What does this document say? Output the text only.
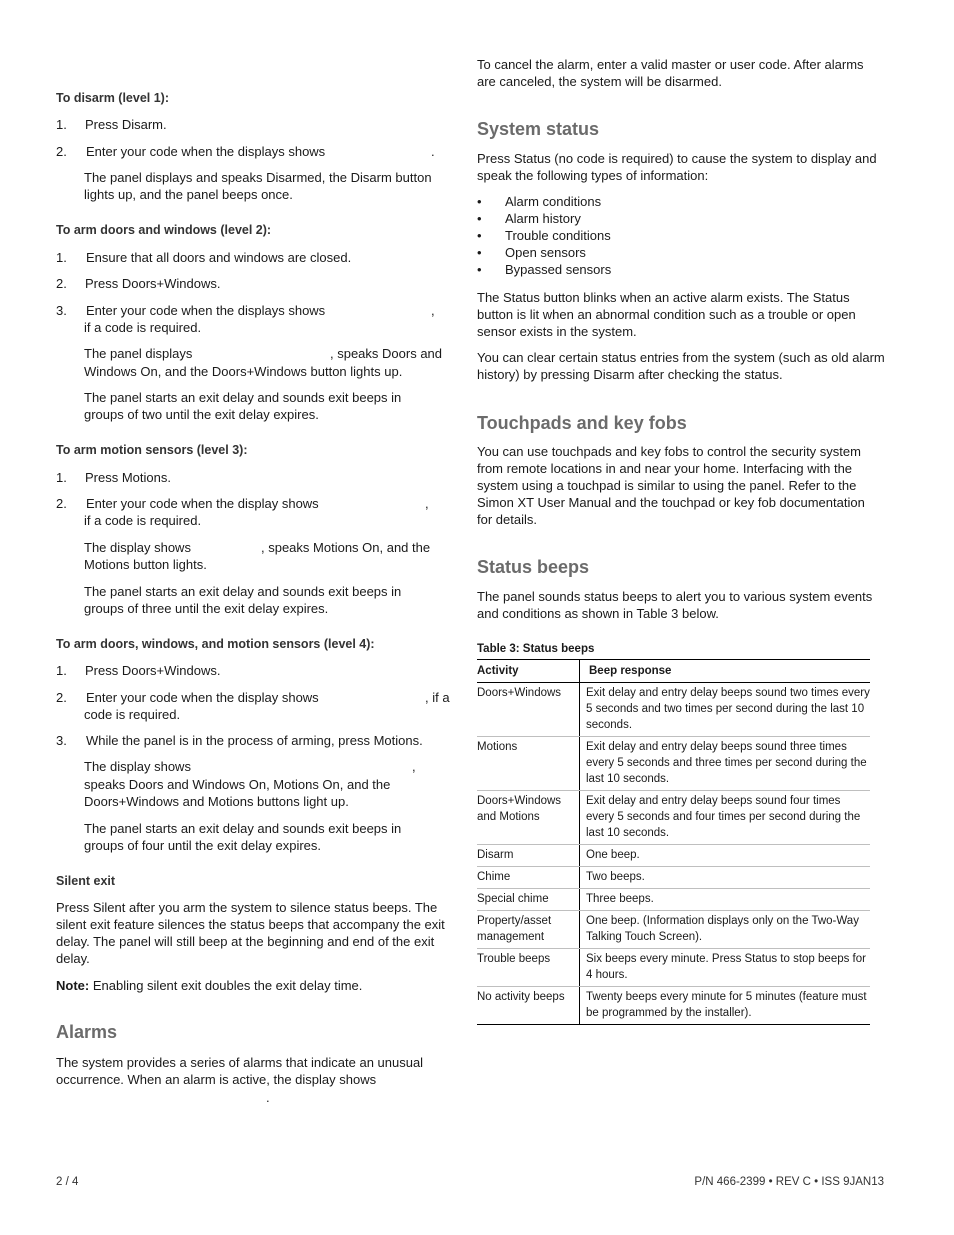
To disarm (level 1):
1.	Press Disarm.
2.	Enter your code when the displays shows	.
The panel displays and speaks Disarmed, the Disarm button lights up, and the panel beeps once.
To arm doors and windows (level 2):
1.	Ensure that all doors and windows are closed.
2.	Press Doors+Windows.
3.	Enter your code when the displays shows	,
if a code is required.
The panel displays	, speaks Doors and
Windows On, and the Doors+Windows button lights up.
The panel starts an exit delay and sounds exit beeps in groups of two until the exit delay expires.
To arm motion sensors (level 3):
1.	Press Motions.
2.	Enter your code when the display shows	,
if a code is required.
The display shows	, speaks Motions On, and the
Motions button lights.
The panel starts an exit delay and sounds exit beeps in groups of three until the exit delay expires.
To arm doors, windows, and motion sensors (level 4):
1.	Press Doors+Windows.
2.	Enter your code when the display shows	, if a
code is required.
3.	While the panel is in the process of arming, press Motions.
The display shows	,
speaks Doors and Windows On, Motions On, and the Doors+Windows and Motions buttons light up.
The panel starts an exit delay and sounds exit beeps in groups of four until the exit delay expires.
Silent exit
Press Silent after you arm the system to silence status beeps. The silent exit feature silences the status beeps that accompany the exit delay. The panel will still beep at the beginning and end of the exit delay.
Note: Enabling silent exit doubles the exit delay time.
Alarms
The system provides a series of alarms that indicate an unusual occurrence. When an alarm is active, the display shows
.
To cancel the alarm, enter a valid master or user code. After alarms are canceled, the system will be disarmed.
System status
Press Status (no code is required) to cause the system to display and speak the following types of information:
• Alarm conditions
• Alarm history
• Trouble conditions
• Open sensors
• Bypassed sensors
The Status button blinks when an active alarm exists. The Status button is lit when an abnormal condition such as a trouble or open sensor exists in the system.
You can clear certain status entries from the system (such as old alarm history) by pressing Disarm after checking the status.
Touchpads and key fobs
You can use touchpads and key fobs to control the security system from remote locations in and near your home. Interfacing with the system using a touchpad is similar to using the panel. Refer to the Simon XT User Manual and the touchpad or key fob documentation for details.
Status beeps
The panel sounds status beeps to alert you to various system events and conditions as shown in Table 3 below.
Table 3: Status beeps
Activity	Beep response
Doors+Windows	Exit delay and entry delay beeps sound two times every 5 seconds and two times per second during the last 10 seconds.
Motions	Exit delay and entry delay beeps sound three times every 5 seconds and three times per second during the last 10 seconds.
Doors+Windows and Motions	Exit delay and entry delay beeps sound four times every 5 seconds and four times per second during the last 10 seconds.
Disarm	One beep.
Chime	Two beeps.
Special chime	Three beeps.
Property/asset management	One beep. (Information displays only on the Two-Way Talking Touch Screen).
Trouble beeps	Six beeps every minute. Press Status to stop beeps for 4 hours.
No activity beeps	Twenty beeps every minute for 5 minutes (feature must be programmed by the installer).
2 / 4	P/N 466-2399 • REV C • ISS 9JAN13
